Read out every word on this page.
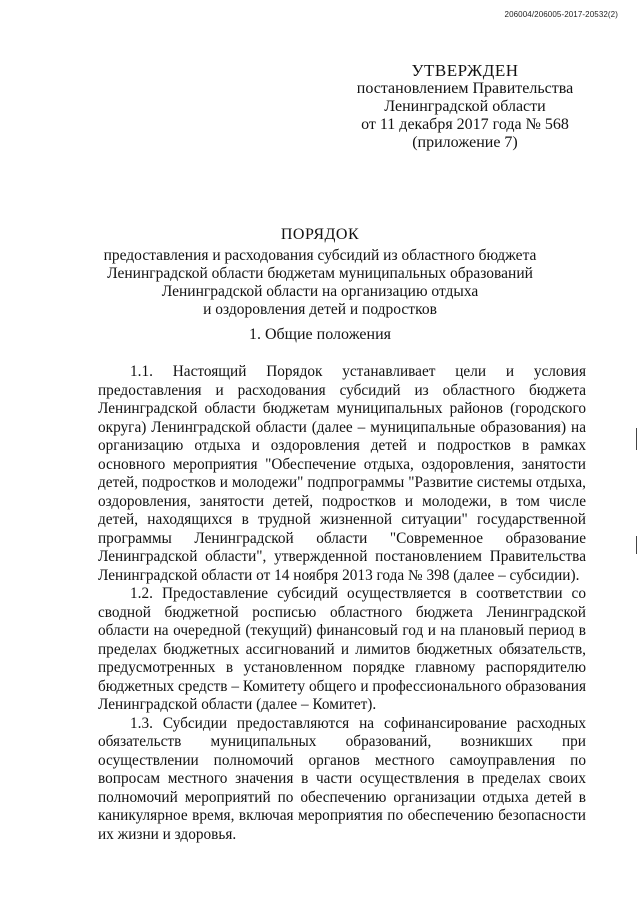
206004/206005-2017-20532(2)
УТВЕРЖДЕН
постановлением Правительства
Ленинградской области
от 11 декабря 2017 года № 568
(приложение 7)
ПОРЯДОК
предоставления и расходования субсидий из областного бюджета
Ленинградской области бюджетам муниципальных образований
Ленинградской области на организацию отдыха
и оздоровления детей и подростков
1. Общие положения

1.1. Настоящий Порядок устанавливает цели и условия предоставления и расходования субсидий из областного бюджета Ленинградской области бюджетам муниципальных районов (городского округа) Ленинградской области (далее – муниципальные образования) на организацию отдыха и оздоровления детей и подростков в рамках основного мероприятия "Обеспечение отдыха, оздоровления, занятости детей, подростков и молодежи" подпрограммы "Развитие системы отдыха, оздоровления, занятости детей, подростков и молодежи, в том числе детей, находящихся в трудной жизненной ситуации" государственной программы Ленинградской области "Современное образование Ленинградской области", утвержденной постановлением Правительства Ленинградской области от 14 ноября 2013 года № 398 (далее – субсидии).

1.2. Предоставление субсидий осуществляется в соответствии со сводной бюджетной росписью областного бюджета Ленинградской области на очередной (текущий) финансовый год и на плановый период в пределах бюджетных ассигнований и лимитов бюджетных обязательств, предусмотренных в установленном порядке главному распорядителю бюджетных средств – Комитету общего и профессионального образования Ленинградской области (далее – Комитет).

1.3. Субсидии предоставляются на софинансирование расходных обязательств муниципальных образований, возникших при осуществлении полномочий органов местного самоуправления по вопросам местного значения в части осуществления в пределах своих полномочий мероприятий по обеспечению организации отдыха детей в каникулярное время, включая мероприятия по обеспечению безопасности их жизни и здоровья.
